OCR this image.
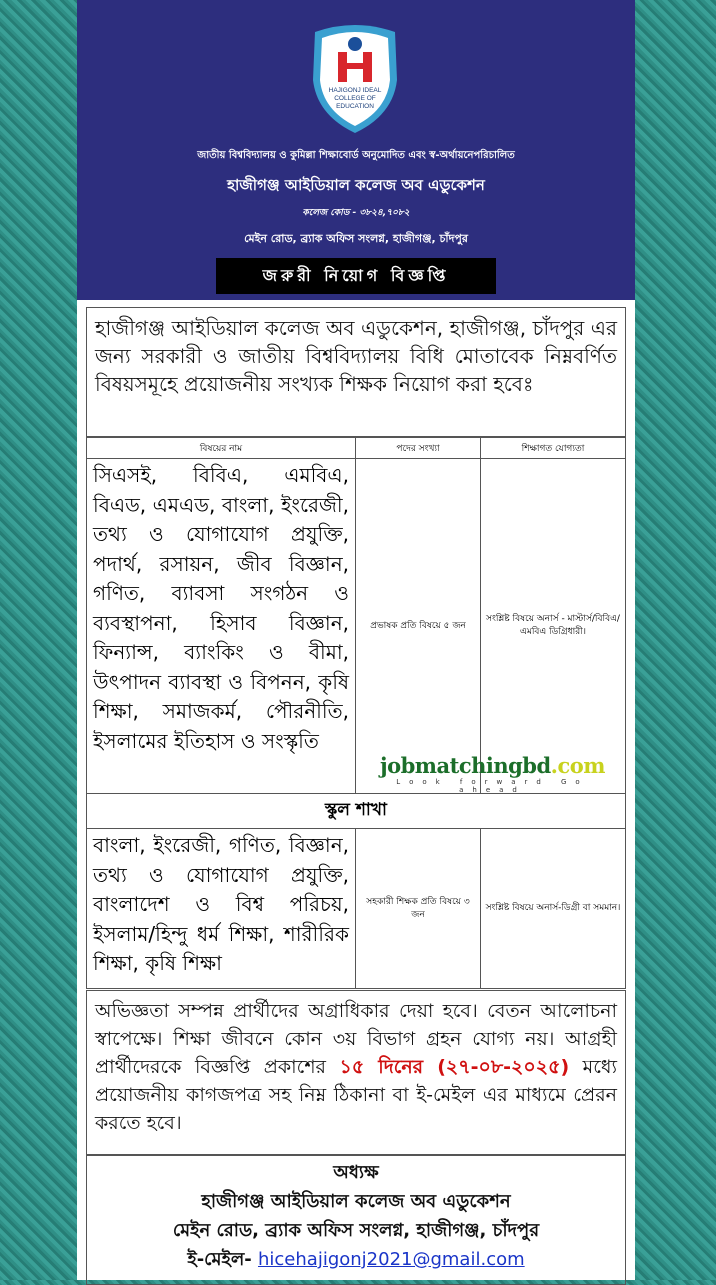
HAJIGONJ IDEAL
COLLEGE OF
EDUCATION
জাতীয় বিশ্ববিদ্যালয় ও কুমিল্লা শিক্ষাবোর্ড অনুমোদিত এবং স্ব-অর্থায়নেপরিচালিত
হাজীগঞ্জ আইডিয়াল কলেজ অব এডুকেশন
কলেজ কোড - ৩৮২৪,৭০৮২
মেইন রোড, ব্র্যাক অফিস সংলগ্ন, হাজীগঞ্জ, চাঁদপুর
জরুরী নিয়োগ বিজ্ঞপ্তি
হাজীগঞ্জ আইডিয়াল কলেজ অব এডুকেশন, হাজীগঞ্জ, চাঁদপুর এর জন্য সরকারী ও জাতীয় বিশ্ববিদ্যালয় বিধি মোতাবেক নিম্নবর্ণিত বিষয়সমূহে প্রয়োজনীয় সংখ্যক শিক্ষক নিয়োগ করা হবেঃ
বিষয়ের নাম	পদের সংখ্যা	শিক্ষাগত যোগ্যতা
সিএসই, বিবিএ, এমবিএ, বিএড, এমএড, বাংলা, ইংরেজী, তথ্য ও যোগাযোগ প্রযুক্তি, পদার্থ, রসায়ন, জীব বিজ্ঞান, গণিত, ব্যাবসা সংগঠন ও ব্যবস্থাপনা, হিসাব বিজ্ঞান, ফিন্যান্স, ব্যাংকিং ও বীমা, উৎপাদন ব্যাবস্থা ও বিপনন, কৃষি শিক্ষা, সমাজকর্ম, পৌরনীতি, ইসলামের ইতিহাস ও সংস্কৃতি	প্রভাষক প্রতি বিষয়ে ৫ জন	সংশ্লিষ্ট বিষয়ে অনার্স - মাস্টার্স/বিবিএ/এমবিএ ডিগ্রিধারী।
স্কুল শাখা		
বাংলা, ইংরেজী, গণিত, বিজ্ঞান, তথ্য ও যোগাযোগ প্রযুক্তি, বাংলাদেশ ও বিশ্ব পরিচয়, ইসলাম/হিন্দু ধর্ম শিক্ষা, শারীরিক শিক্ষা, কৃষি শিক্ষা	সহকারী শিক্ষক প্রতি বিষয়ে ৩ জন	সংশ্লিষ্ট বিষয়ে অনার্স-ডিগ্রী বা সমমান।
jobmatchingbd.com
Look forward Go ahead
অভিজ্ঞতা সম্পন্ন প্রার্থীদের অগ্রাধিকার দেয়া হবে। বেতন আলোচনা স্বাপেক্ষে। শিক্ষা জীবনে কোন ৩য় বিভাগ গ্রহন যোগ্য নয়। আগ্রহী প্রার্থীদেরকে বিজ্ঞপ্তি প্রকাশের ১৫ দিনের (২৭-০৮-২০২৫) মধ্যে প্রয়োজনীয় কাগজপত্র সহ নিম্ন ঠিকানা বা ই-মেইল এর মাধ্যমে প্রেরন করতে হবে।
অধ্যক্ষ
হাজীগঞ্জ আইডিয়াল কলেজ অব এডুকেশন
মেইন রোড, ব্র্যাক অফিস সংলগ্ন, হাজীগঞ্জ, চাঁদপুর
ই-মেইল- hicehajigonj2021@gmail.com
